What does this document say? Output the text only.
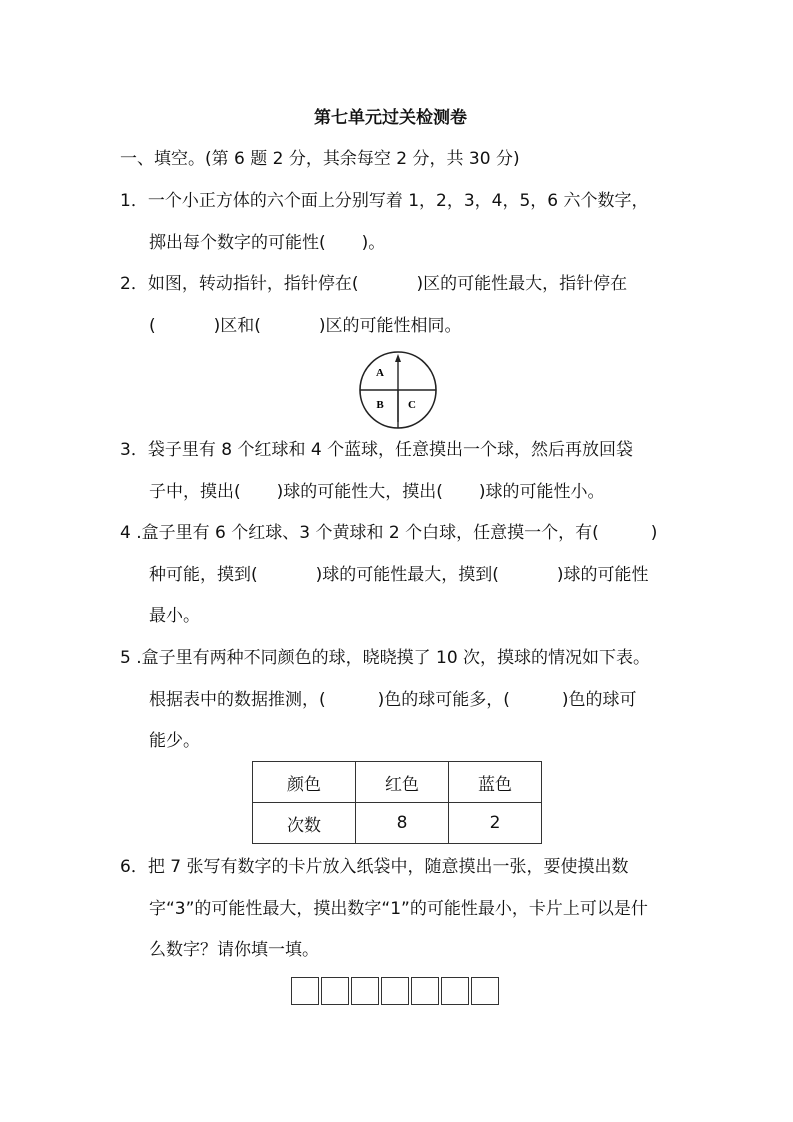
第七单元过关检测卷
一、填空。(第 6 题 2 分，其余每空 2 分，共 30 分)
1．一个小正方体的六个面上分别写着 1，2，3，4，5，6 六个数字，
掷出每个数字的可能性( )。
2．如图，转动指针，指针停在(	)区的可能性最大，指针停在
(	)区和(	)区的可能性相同。
A
B C
3．袋子里有 8 个红球和 4 个蓝球，任意摸出一个球，然后再放回袋
子中，摸出( )球的可能性大，摸出( )球的可能性小。
4 .盒子里有 6 个红球、3 个黄球和 2 个白球，任意摸一个，有(	)
种可能，摸到(	)球的可能性最大，摸到(	)球的可能性
最小。
5 .盒子里有两种不同颜色的球，晓晓摸了 10 次，摸球的情况如下表。
根据表中的数据推测，(	)色的球可能多，(	)色的球可
能少。
颜色	红色	蓝色
次数	8	2
6．把 7 张写有数字的卡片放入纸袋中，随意摸出一张，要使摸出数
字“3”的可能性最大，摸出数字“1”的可能性最小，卡片上可以是什
么数字？请你填一填。
